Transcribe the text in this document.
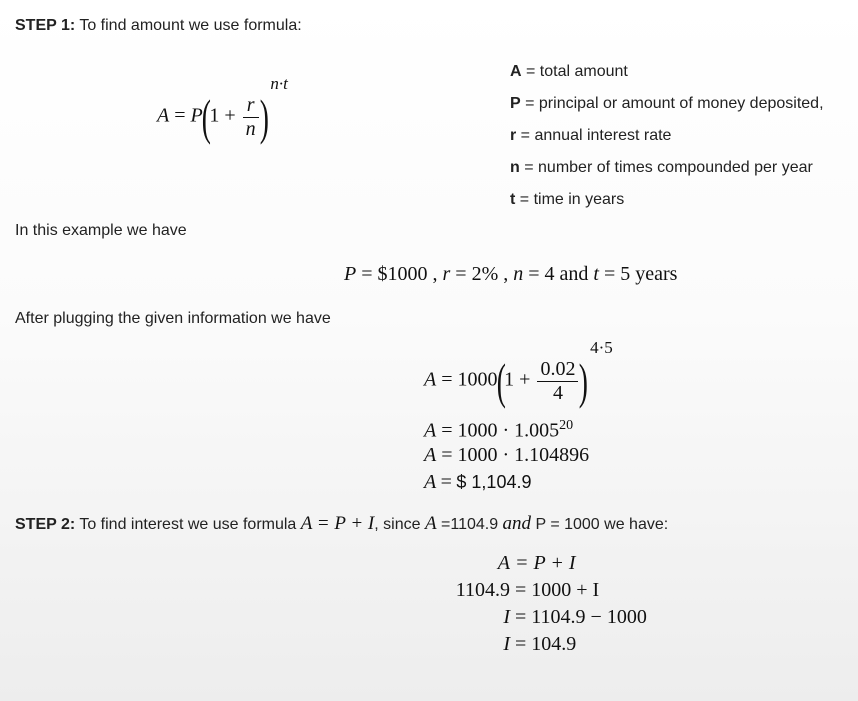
STEP 1: To find amount we use formula:
$A = P(1 + \frac{r}{n} )n\cdot t$
A = total amount
P = principal or amount of money deposited,
r = annual interest rate
n = number of times compounded per year
t = time in years
In this example we have
P = $1000 , r = 2% , n = 4 and t = 5 years
After plugging the given information we have
$A = 1000(1 + \frac{0.02}{4} )4\cdot 5$
$A = 1000 \cdot 1.005^{20}$
A = 1000 · 1.104896
A = $ 1,104.9
STEP 2: To find interest we use formula A = P + I, since A =1104.9 and P = 1000 we have:
A = P + I
1104.9 = 1000 + I
I = 1104.9 − 1000
I = 104.9
